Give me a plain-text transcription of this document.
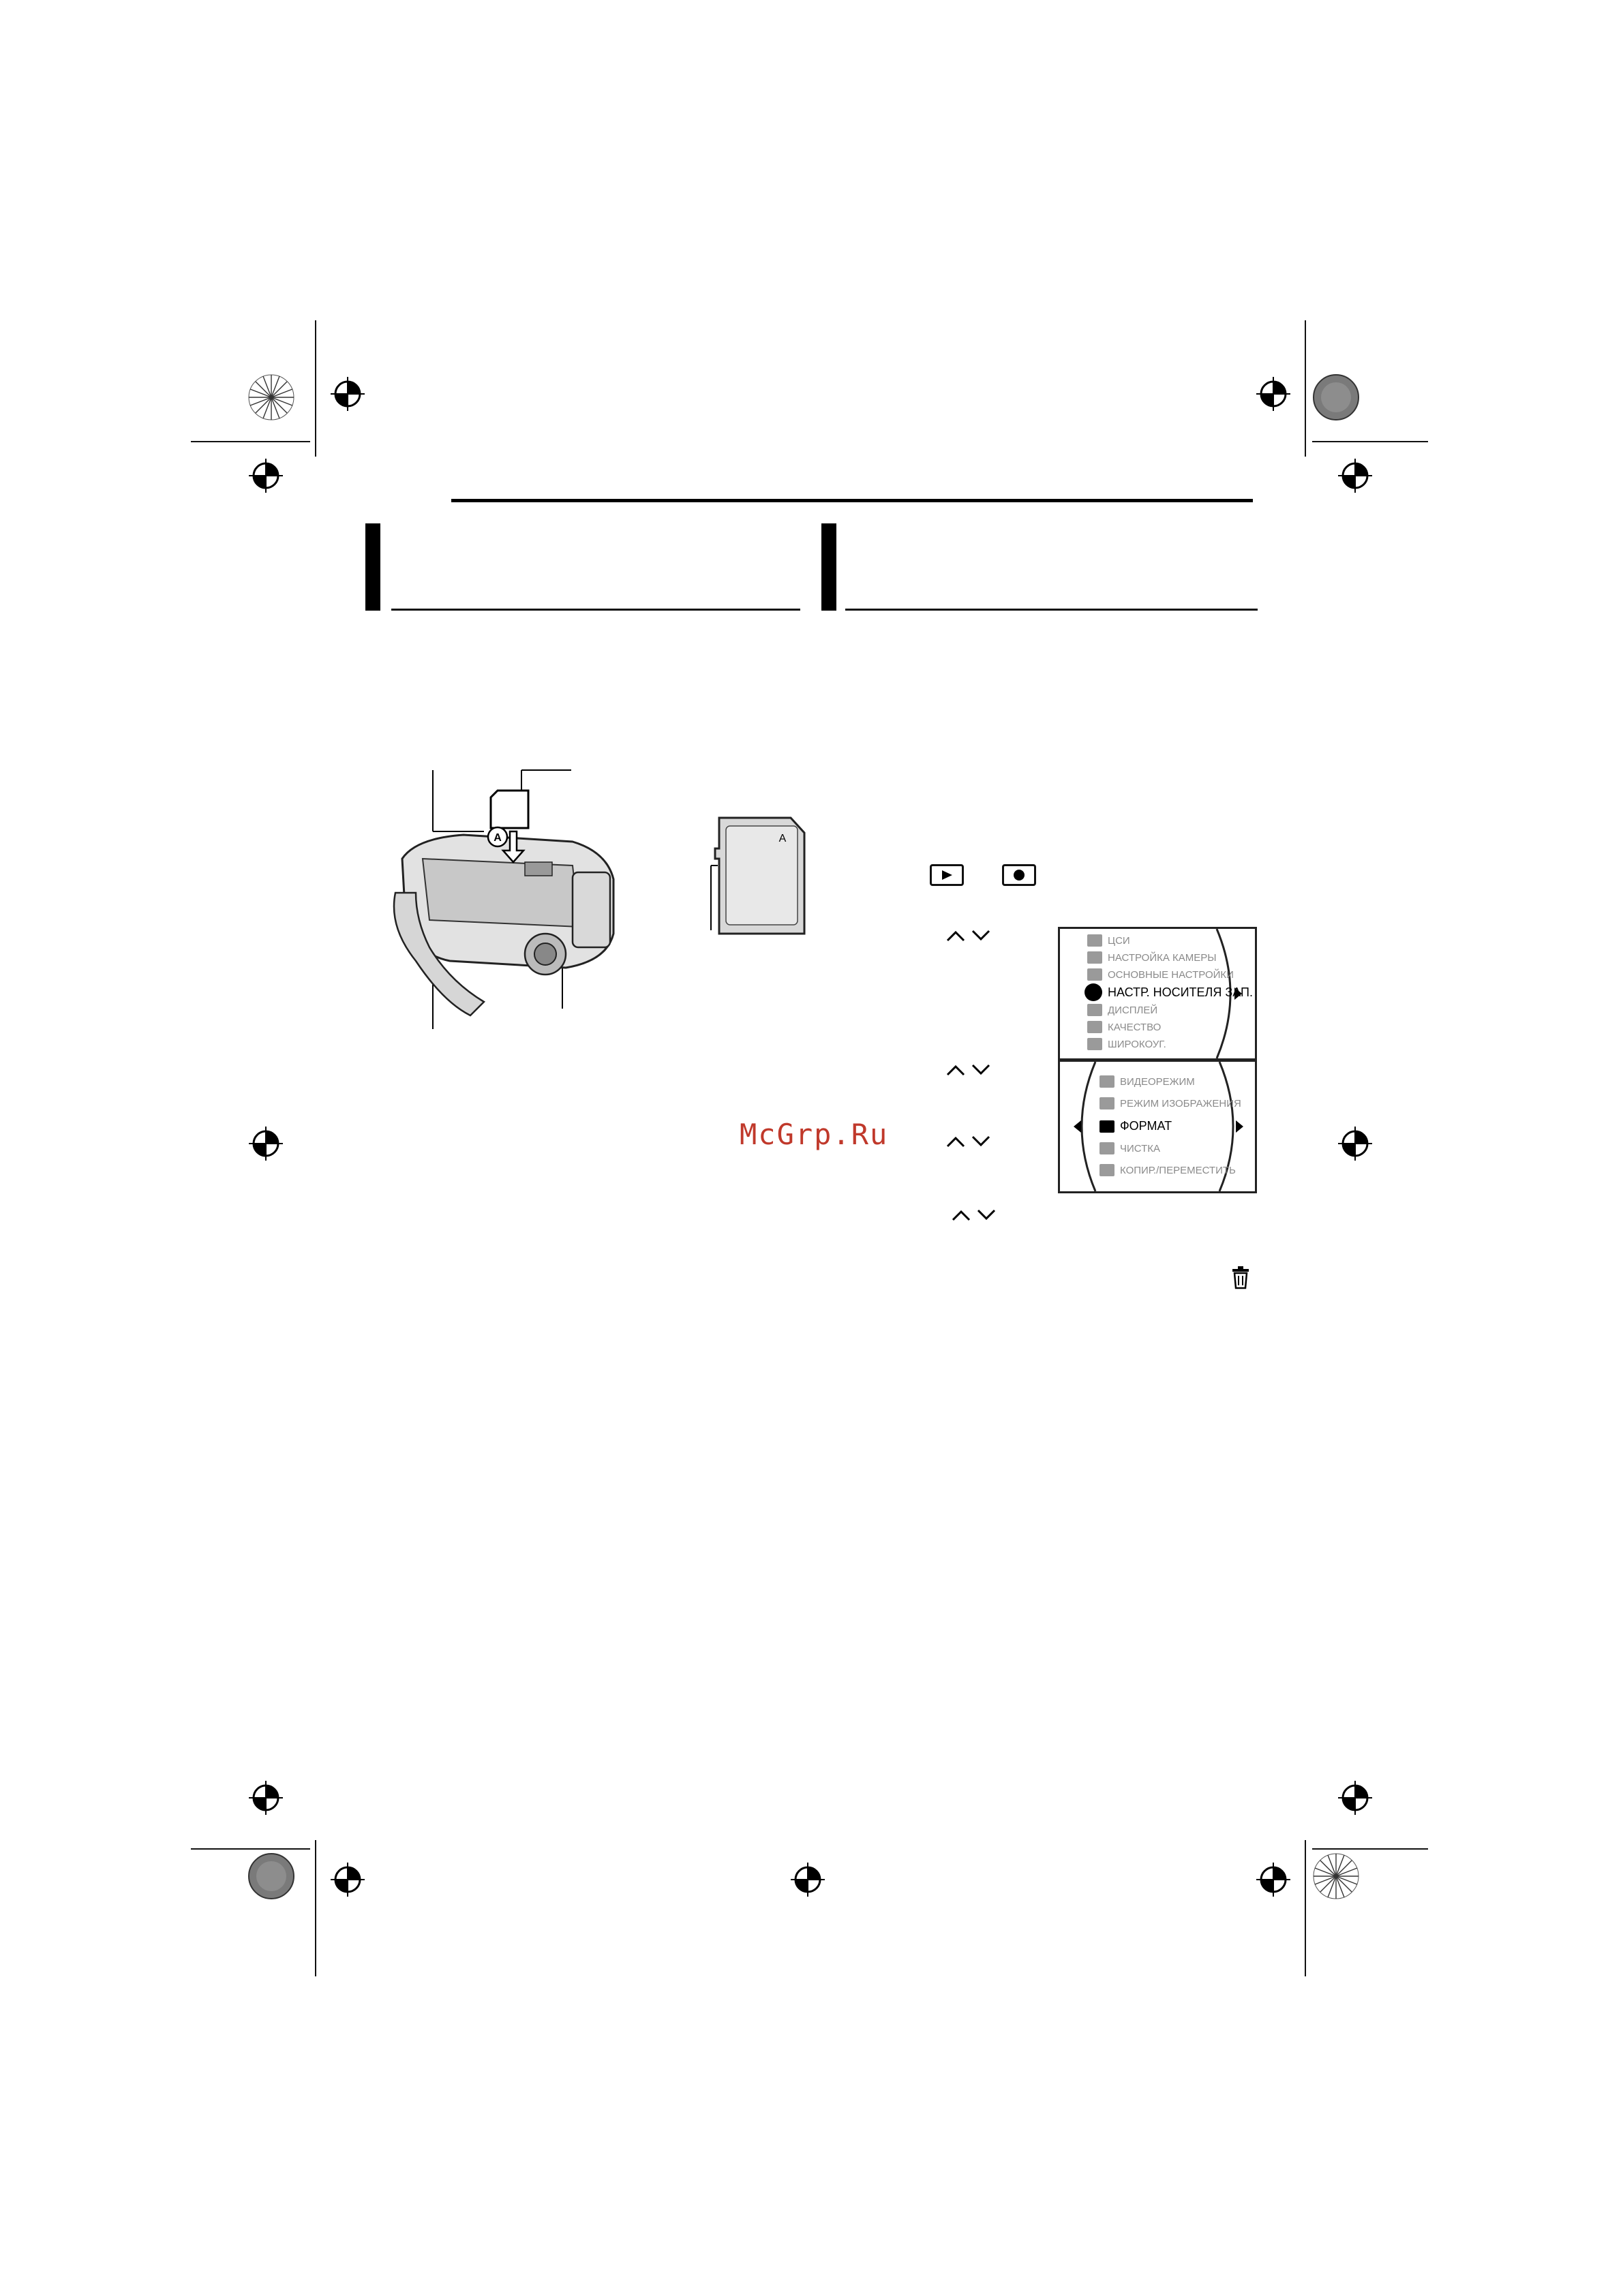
A	A
McGrp.Ru
ЦСИ
НАСТРОЙКА КАМЕРЫ
ОСНОВНЫЕ НАСТРОЙКИ
НАСТР. НОСИТЕЛЯ ЗАП.
ДИСПЛЕЙ
КАЧЕСТВО
ШИРОКОУГ.
ВИДЕОРЕЖИМ
РЕЖИМ ИЗОБРАЖЕНИЯ
ФОРМАТ
ЧИСТКА
КОПИР./ПЕРЕМЕСТИТЬ
